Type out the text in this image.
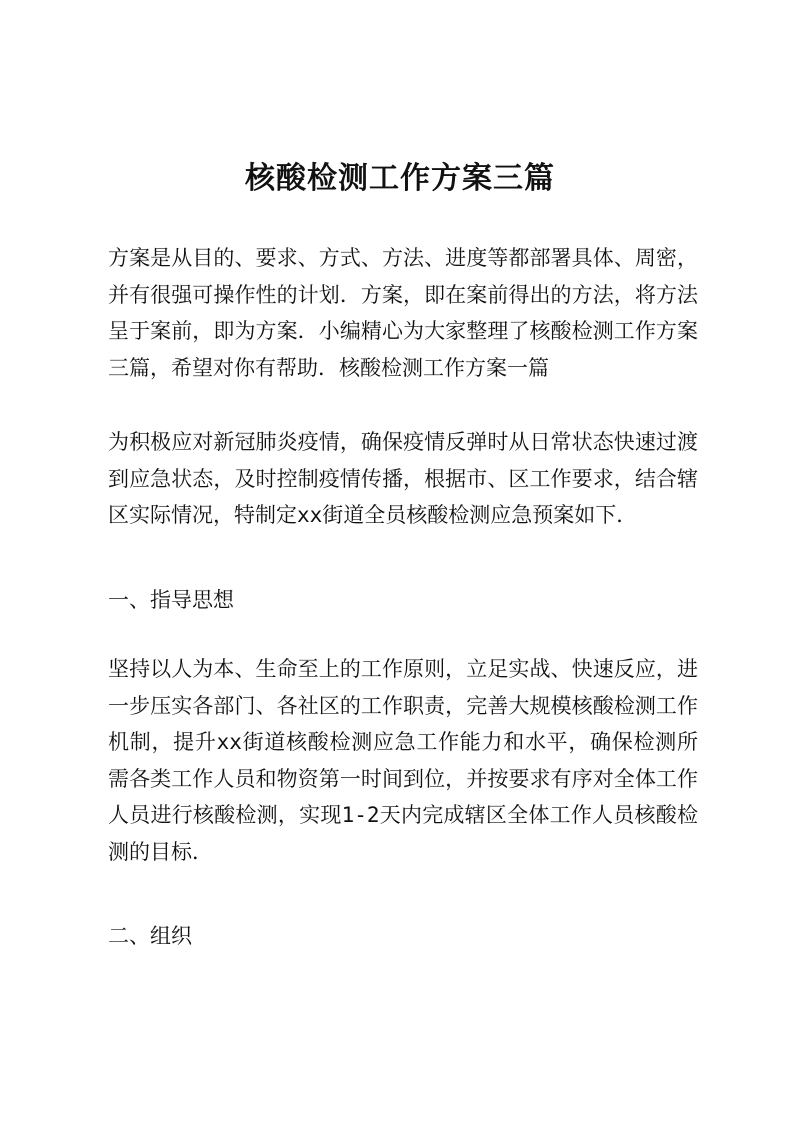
核酸检测工作方案三篇

方案是从目的、要求、方式、方法、进度等都部署具体、周密，并有很强可操作性的计划．方案，即在案前得出的方法，将方法呈于案前，即为方案．小编精心为大家整理了核酸检测工作方案三篇，希望对你有帮助．核酸检测工作方案一篇

为积极应对新冠肺炎疫情，确保疫情反弹时从日常状态快速过渡到应急状态，及时控制疫情传播，根据市、区工作要求，结合辖区实际情况，特制定xx街道全员核酸检测应急预案如下．

一、指导思想

坚持以人为本、生命至上的工作原则，立足实战、快速反应，进一步压实各部门、各社区的工作职责，完善大规模核酸检测工作机制，提升xx街道核酸检测应急工作能力和水平，确保检测所需各类工作人员和物资第一时间到位，并按要求有序对全体工作人员进行核酸检测，实现1-2天内完成辖区全体工作人员核酸检测的目标．

二、组织
